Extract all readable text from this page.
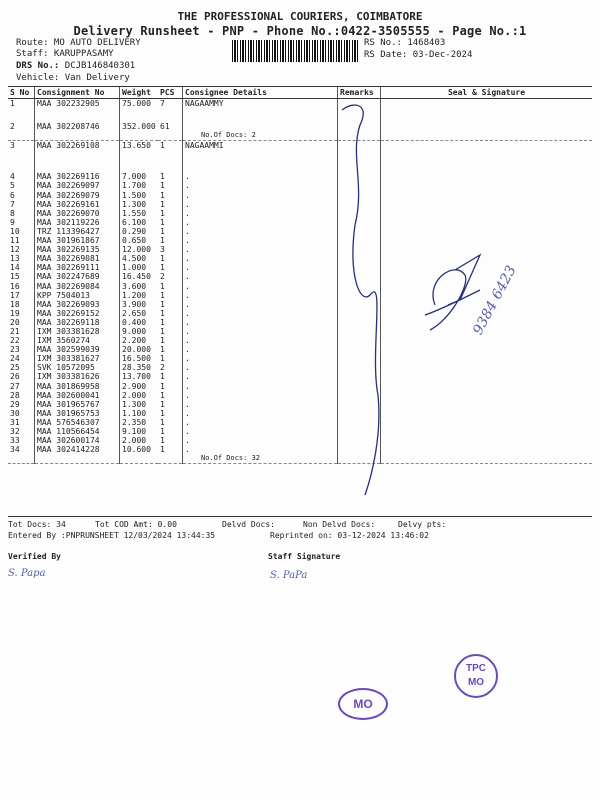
THE PROFESSIONAL COURIERS, COIMBATORE
Delivery Runsheet - PNP - Phone No.:0422-3505555 - Page No.:1
Route: MO AUTO DELIVERY
Staff: KARUPPASAMY
DRS No.: DCJB146840301
Vehicle: Van Delivery
RS No.: 1468403
RS Date: 03-Dec-2024
S No	Consignment No	Weight	PCS	Consignee Details	Remarks	Seal & Signature
1	MAA 302232905	75.000	7	NAGAAMMY		

2	MAA 302208746	352.000	61			
				No.Of Docs: 2		
3	MAA 302269108	13.650	1	NAGAAMMI		

4	MAA 302269116	7.000	1	.		
5	MAA 302269097	1.700	1	.		
6	MAA 302269079	1.500	1	.		
7	MAA 302269161	1.300	1	.		
8	MAA 302269070	1.550	1	.		
9	MAA 302119226	6.100	1	.		
10	TRZ 113396427	0.290	1	.		
11	MAA 301961867	0.650	1	.		
12	MAA 302269135	12.000	3	.		
13	MAA 302269081	4.500	1	.		
14	MAA 302269111	1.000	1	.		
15	MAA 302247689	16.450	2	.		
16	MAA 302269084	3.600	1	.		
17	KPP 7504013	1.200	1	.		
18	MAA 302269093	3.900	1	.		
19	MAA 302269152	2.650	1	.		
20	MAA 302269118	0.400	1	.		
21	IXM 303381628	9.000	1	.		
22	IXM 3560274	2.200	1	.		
23	MAA 302599039	20.000	1	.		
24	IXM 303381627	16.500	1	.		
25	SVK 10572095	28.350	2	.		
26	IXM 303381626	13.700	1	.		
27	MAA 301869958	2.900	1	.		
28	MAA 302600041	2.000	1	.		
29	MAA 301965767	1.300	1	.		
30	MAA 301965753	1.100	1	.		
31	MAA 576546307	2.350	1	.		
32	MAA 110566454	9.100	1	.		
33	MAA 302600174	2.000	1	.		
34	MAA 302414228	10.600	1	.		
				No.Of Docs: 32		
9384 6423
Tot Docs: 34	Tot COD Amt: 0.00	Delvd Docs:	Non Delvd Docs:	Delvy pts:
Entered By :PNPRUNSHEET 12/03/2024 13:44:35	Reprinted on: 03-12-2024 13:46:02
Verified By	Staff Signature
S. Papa	S. PaPa
MO
TPC
MO
